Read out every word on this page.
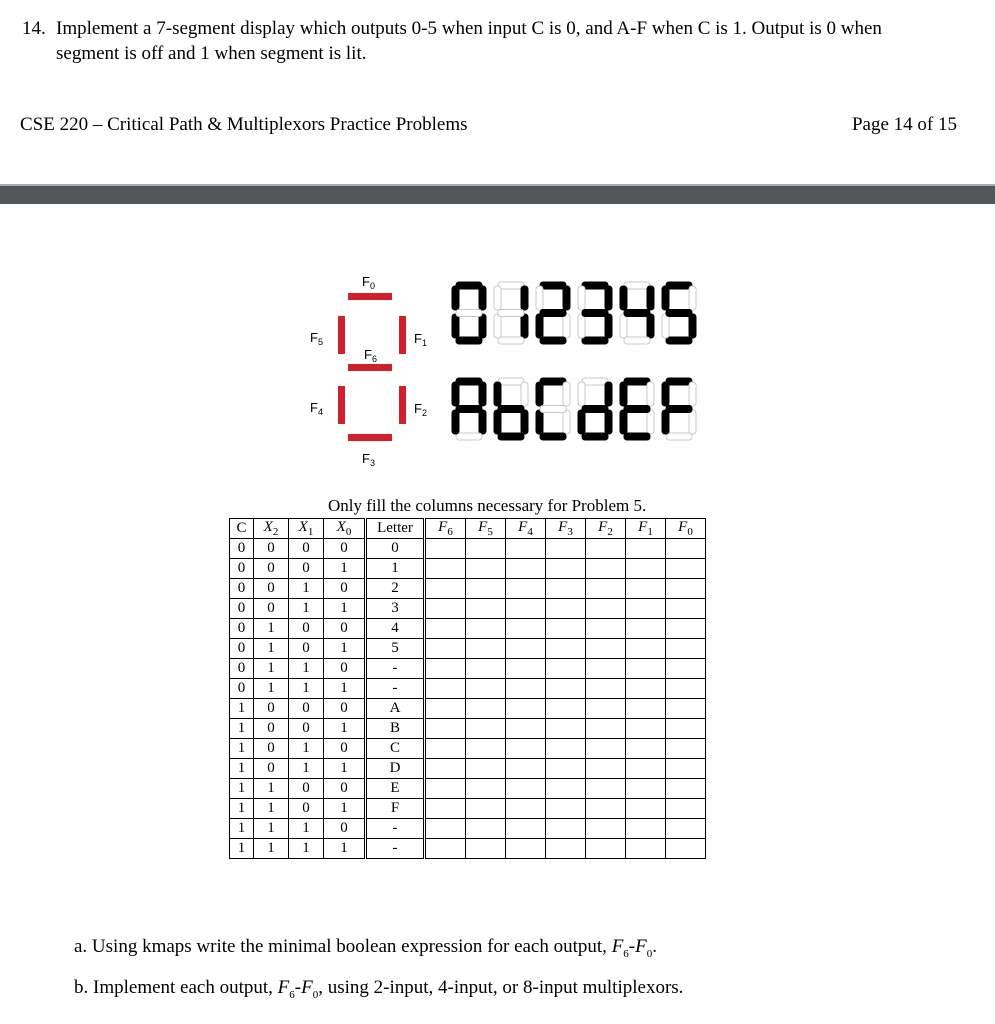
14. Implement a 7-segment display which outputs 0-5 when input C is 0, and A-F when C is 1. Output is 0 when
segment is off and 1 when segment is lit.
CSE 220 – Critical Path & Multiplexors Practice Problems	Page 14 of 15
$F_0$
$F_1$
$F_2$
$F_3$
$F_4$
$F_5$
$F_6$
Only fill the columns necessary for Problem 5.
C	$X_2$	$X_1$	$X_0$	Letter	$F_6$	$F_5$	$F_4$	$F_3$	$F_2$	$F_1$	$F_0$
0	0	0	0	0							
0	0	0	1	1							
0	0	1	0	2							
0	0	1	1	3							
0	1	0	0	4							
0	1	0	1	5							
0	1	1	0	-							
0	1	1	1	-							
1	0	0	0	A							
1	0	0	1	B							
1	0	1	0	C							
1	0	1	1	D							
1	1	0	0	E							
1	1	0	1	F							
1	1	1	0	-							
1	1	1	1	-							
a. Using kmaps write the minimal boolean expression for each output, $F_6-F_0$.
b. Implement each output, $F_6-F_0$, using 2-input, 4-input, or 8-input multiplexors.
